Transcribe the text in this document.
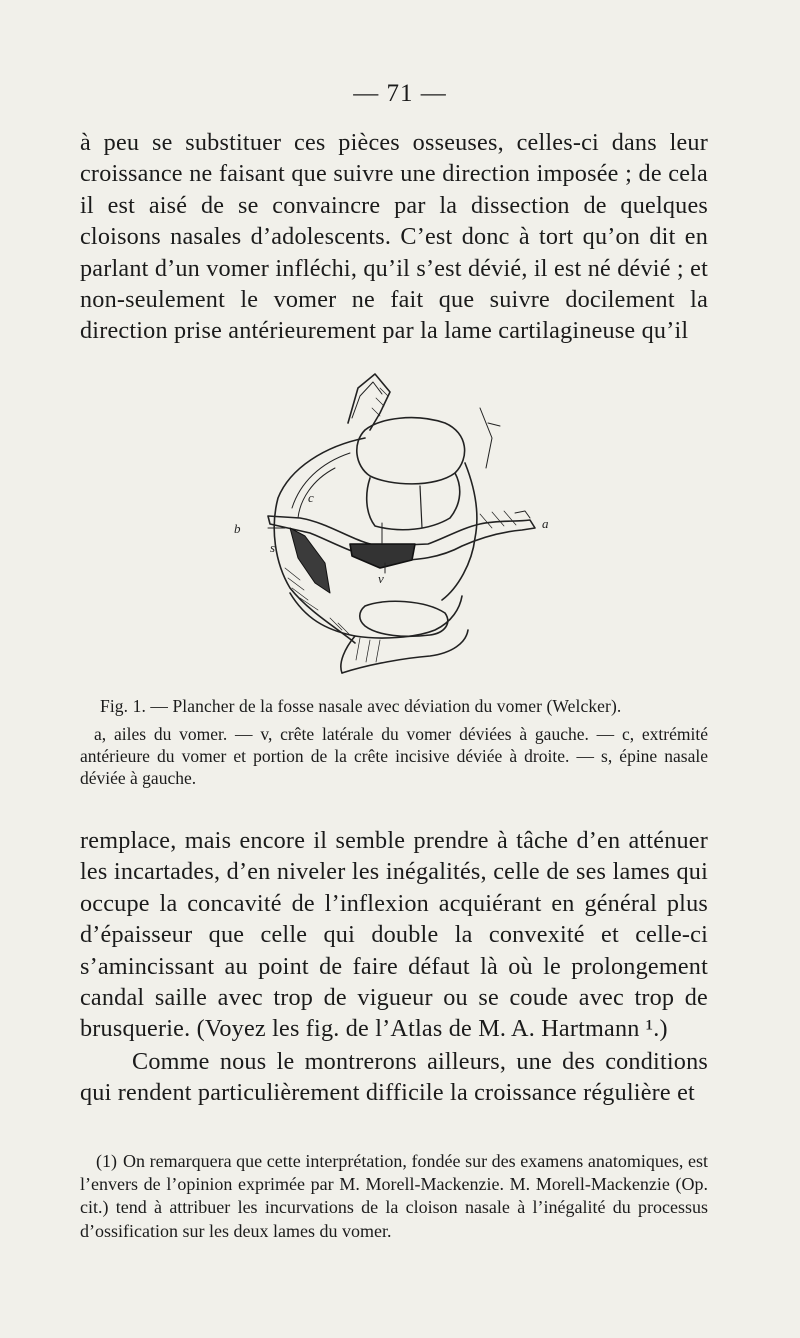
— 71 —
à peu se substituer ces pièces osseuses, celles-ci dans leur croissance ne faisant que suivre une direction imposée ; de cela il est aisé de se convaincre par la dissection de quelques cloisons nasales d’adolescents. C’est donc à tort qu’on dit en parlant d’un vomer infléchi, qu’il s’est dévié, il est né dévié ; et non-seulement le vomer ne fait que suivre docilement la direction prise antérieurement par la lame cartilagineuse qu’il
b	a
c
s
v
Fig. 1. — Plancher de la fosse nasale avec déviation du vomer (Welcker).
a, ailes du vomer. — v, crête latérale du vomer déviées à gauche. — c, extrémité antérieure du vomer et portion de la crête incisive déviée à droite. — s, épine nasale déviée à gauche.
remplace, mais encore il semble prendre à tâche d’en atténuer les incartades, d’en niveler les inégalités, celle de ses lames qui occupe la concavité de l’inflexion acquiérant en général plus d’épaisseur que celle qui double la convexité et celle-ci s’amincissant au point de faire défaut là où le prolongement candal saille avec trop de vigueur ou se coude avec trop de brusquerie. (Voyez les fig. de l’Atlas de M. A. Hartmann ¹.)
Comme nous le montrerons ailleurs, une des conditions qui rendent particulièrement difficile la croissance régulière et
(1) On remarquera que cette interprétation, fondée sur des examens anatomiques, est l’envers de l’opinion exprimée par M. Morell-Mackenzie. M. Morell-Mackenzie (Op. cit.) tend à attribuer les incurvations de la cloison nasale à l’inégalité du processus d’ossification sur les deux lames du vomer.
